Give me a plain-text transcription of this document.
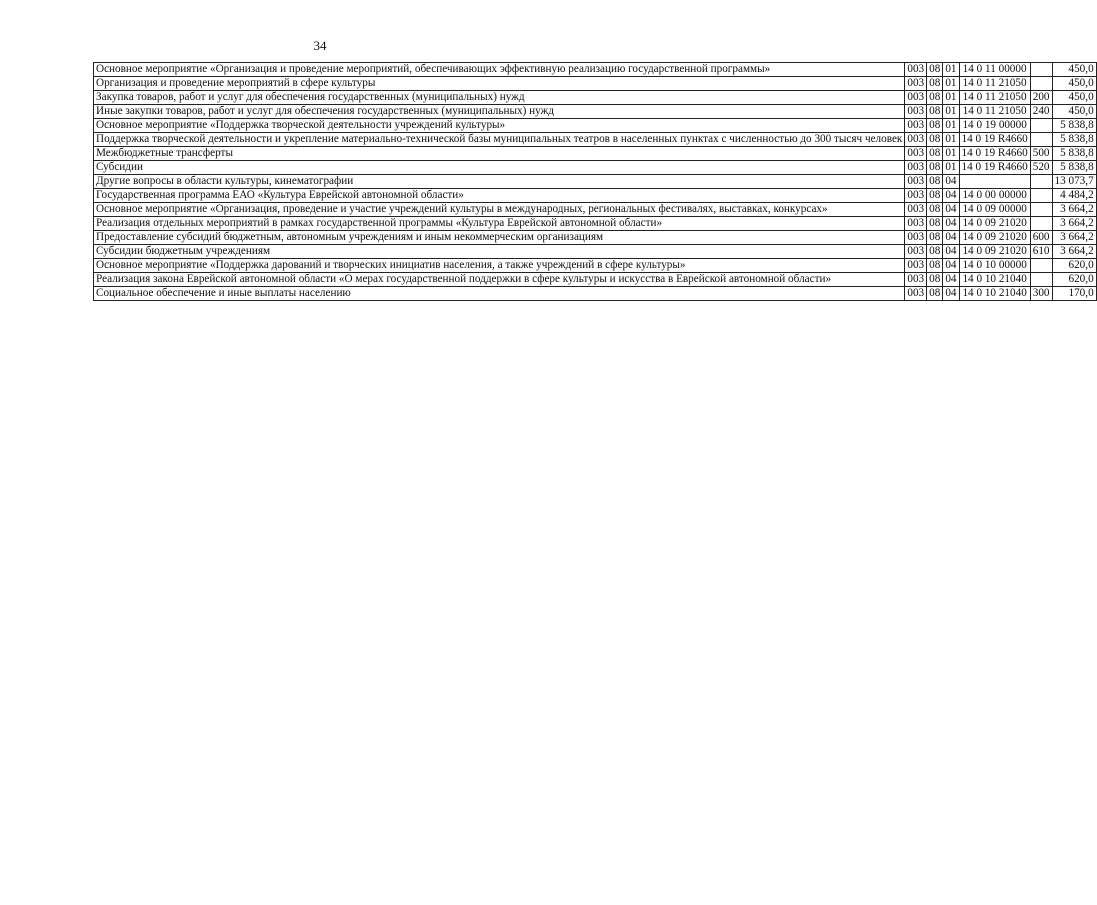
34
Основное мероприятие «Организация и проведение мероприятий, обеспечивающих эффективную реализацию государственной программы»	003	08	01	14 0 11 00000		450,0
Организация и проведение мероприятий в сфере культуры	003	08	01	14 0 11 21050		450,0
Закупка товаров, работ и услуг для обеспечения государственных (муниципальных) нужд	003	08	01	14 0 11 21050	200	450,0
Иные закупки товаров, работ и услуг для обеспечения государственных (муниципальных) нужд	003	08	01	14 0 11 21050	240	450,0
Основное мероприятие «Поддержка творческой деятельности учреждений культуры»	003	08	01	14 0 19 00000		5 838,8
Поддержка творческой деятельности и укрепление материально-технической базы муниципальных театров в населенных пунктах с численностью до 300 тысяч человек	003	08	01	14 0 19 R4660		5 838,8
Межбюджетные трансферты	003	08	01	14 0 19 R4660	500	5 838,8
Субсидии	003	08	01	14 0 19 R4660	520	5 838,8
Другие вопросы в области культуры, кинематографии	003	08	04			13 073,7
Государственная программа ЕАО «Культура Еврейской автономной области»	003	08	04	14 0 00 00000		4 484,2
Основное мероприятие «Организация, проведение и участие учреждений культуры в международных, региональных фестивалях, выставках, конкурсах»	003	08	04	14 0 09 00000		3 664,2
Реализация отдельных мероприятий в рамках государственной программы «Культура Еврейской автономной области»	003	08	04	14 0 09 21020		3 664,2
Предоставление субсидий бюджетным, автономным учреждениям и иным некоммерческим организациям	003	08	04	14 0 09 21020	600	3 664,2
Субсидии бюджетным учреждениям	003	08	04	14 0 09 21020	610	3 664,2
Основное мероприятие «Поддержка дарований и творческих инициатив населения, а также учреждений в сфере культуры»	003	08	04	14 0 10 00000		620,0
Реализация закона Еврейской автономной области «О мерах государственной поддержки в сфере культуры и искусства в Еврейской автономной области»	003	08	04	14 0 10 21040		620,0
Социальное обеспечение и иные выплаты населению	003	08	04	14 0 10 21040	300	170,0
